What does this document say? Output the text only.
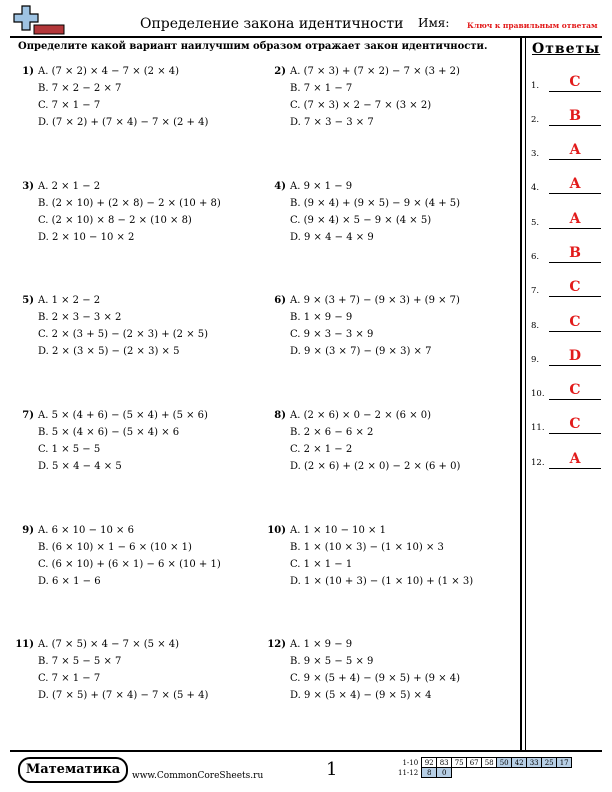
Определение закона идентичности Имя: Ключ к правильным ответам
Определите какой вариант наилучшим образом отражает закон идентичности.
1) A. (7 × 2) × 4 − 7 × (2 × 4)
B. 7 × 2 − 2 × 7
C. 7 × 1 − 7
D. (7 × 2) + (7 × 4) − 7 × (2 + 4)
2) A. (7 × 3) + (7 × 2) − 7 × (3 + 2)
B. 7 × 1 − 7
C. (7 × 3) × 2 − 7 × (3 × 2)
D. 7 × 3 − 3 × 7
3) A. 2 × 1 − 2
B. (2 × 10) + (2 × 8) − 2 × (10 + 8)
C. (2 × 10) × 8 − 2 × (10 × 8)
D. 2 × 10 − 10 × 2
4) A. 9 × 1 − 9
B. (9 × 4) + (9 × 5) − 9 × (4 + 5)
C. (9 × 4) × 5 − 9 × (4 × 5)
D. 9 × 4 − 4 × 9
5) A. 1 × 2 − 2
B. 2 × 3 − 3 × 2
C. 2 × (3 + 5) − (2 × 3) + (2 × 5)
D. 2 × (3 × 5) − (2 × 3) × 5
6) A. 9 × (3 + 7) − (9 × 3) + (9 × 7)
B. 1 × 9 − 9
C. 9 × 3 − 3 × 9
D. 9 × (3 × 7) − (9 × 3) × 7
7) A. 5 × (4 + 6) − (5 × 4) + (5 × 6)
B. 5 × (4 × 6) − (5 × 4) × 6
C. 1 × 5 − 5
D. 5 × 4 − 4 × 5
8) A. (2 × 6) × 0 − 2 × (6 × 0)
B. 2 × 6 − 6 × 2
C. 2 × 1 − 2
D. (2 × 6) + (2 × 0) − 2 × (6 + 0)
9) A. 6 × 10 − 10 × 6
B. (6 × 10) × 1 − 6 × (10 × 1)
C. (6 × 10) + (6 × 1) − 6 × (10 + 1)
D. 6 × 1 − 6
10) A. 1 × 10 − 10 × 1
B. 1 × (10 × 3) − (1 × 10) × 3
C. 1 × 1 − 1
D. 1 × (10 + 3) − (1 × 10) + (1 × 3)
11) A. (7 × 5) × 4 − 7 × (5 × 4)
B. 7 × 5 − 5 × 7
C. 7 × 1 − 7
D. (7 × 5) + (7 × 4) − 7 × (5 + 4)
12) A. 1 × 9 − 9
B. 9 × 5 − 5 × 9
C. 9 × (5 + 4) − (9 × 5) + (9 × 4)
D. 9 × (5 × 4) − (9 × 5) × 4
Ответы
1.	C
2.	B
3.	A
4.	A
5.	A
6.	B
7.	C
8.	C
9.	D
10.	C
11.	C
12.	A
Математика	www.CommonCoreSheets.ru	1	1-10	92	83	75	67	58	50	42	33	25	17
11-12	8	0								
